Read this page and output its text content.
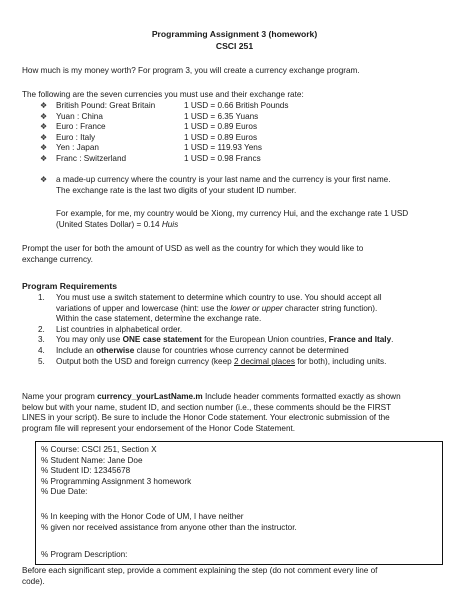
Programming Assignment 3 (homework)
CSCI 251
How much is my money worth? For program 3, you will create a currency exchange program.
The following are the seven currencies you must use and their exchange rate:
❖	British Pound: Great Britain	1 USD = 0.66 British Pounds
❖	Yuan : China	1 USD = 6.35 Yuans
❖	Euro : France	1 USD = 0.89 Euros
❖	Euro : Italy	1 USD = 0.89 Euros
❖	Yen : Japan	1 USD = 119.93 Yens
❖	Franc : Switzerland	1 USD = 0.98 Francs
❖	a made-up currency where the country is your last name and the currency is your first name.
The exchange rate is the last two digits of your student ID number.
For example, for me, my country would be Xiong, my currency Hui, and the exchange rate 1 USD
(United States Dollar) = 0.14 Huis
Prompt the user for both the amount of USD as well as the country for which they would like to
exchange currency.
Program Requirements
1. You must use a switch statement to determine which country to use. You should accept all
variations of upper and lowercase (hint: use the lower or upper character string function).
Within the case statement, determine the exchange rate.
2. List countries in alphabetical order.
3. You may only use ONE case statement for the European Union countries, France and Italy.
4. Include an otherwise clause for countries whose currency cannot be determined
5. Output both the USD and foreign currency (keep 2 decimal places for both), including units.
Name your program currency_yourLastName.m Include header comments formatted exactly as shown
below but with your name, student ID, and section number (i.e., these comments should be the FIRST
LINES in your script). Be sure to include the Honor Code statement. Your electronic submission of the
program file will represent your endorsement of the Honor Code Statement.
% Course: CSCI 251, Section X
% Student Name: Jane Doe
% Student ID: 12345678
% Programming Assignment 3 homework
% Due Date:
% In keeping with the Honor Code of UM, I have neither
% given nor received assistance from anyone other than the instructor.
% Program Description:
Before each significant step, provide a comment explaining the step (do not comment every line of
code).
